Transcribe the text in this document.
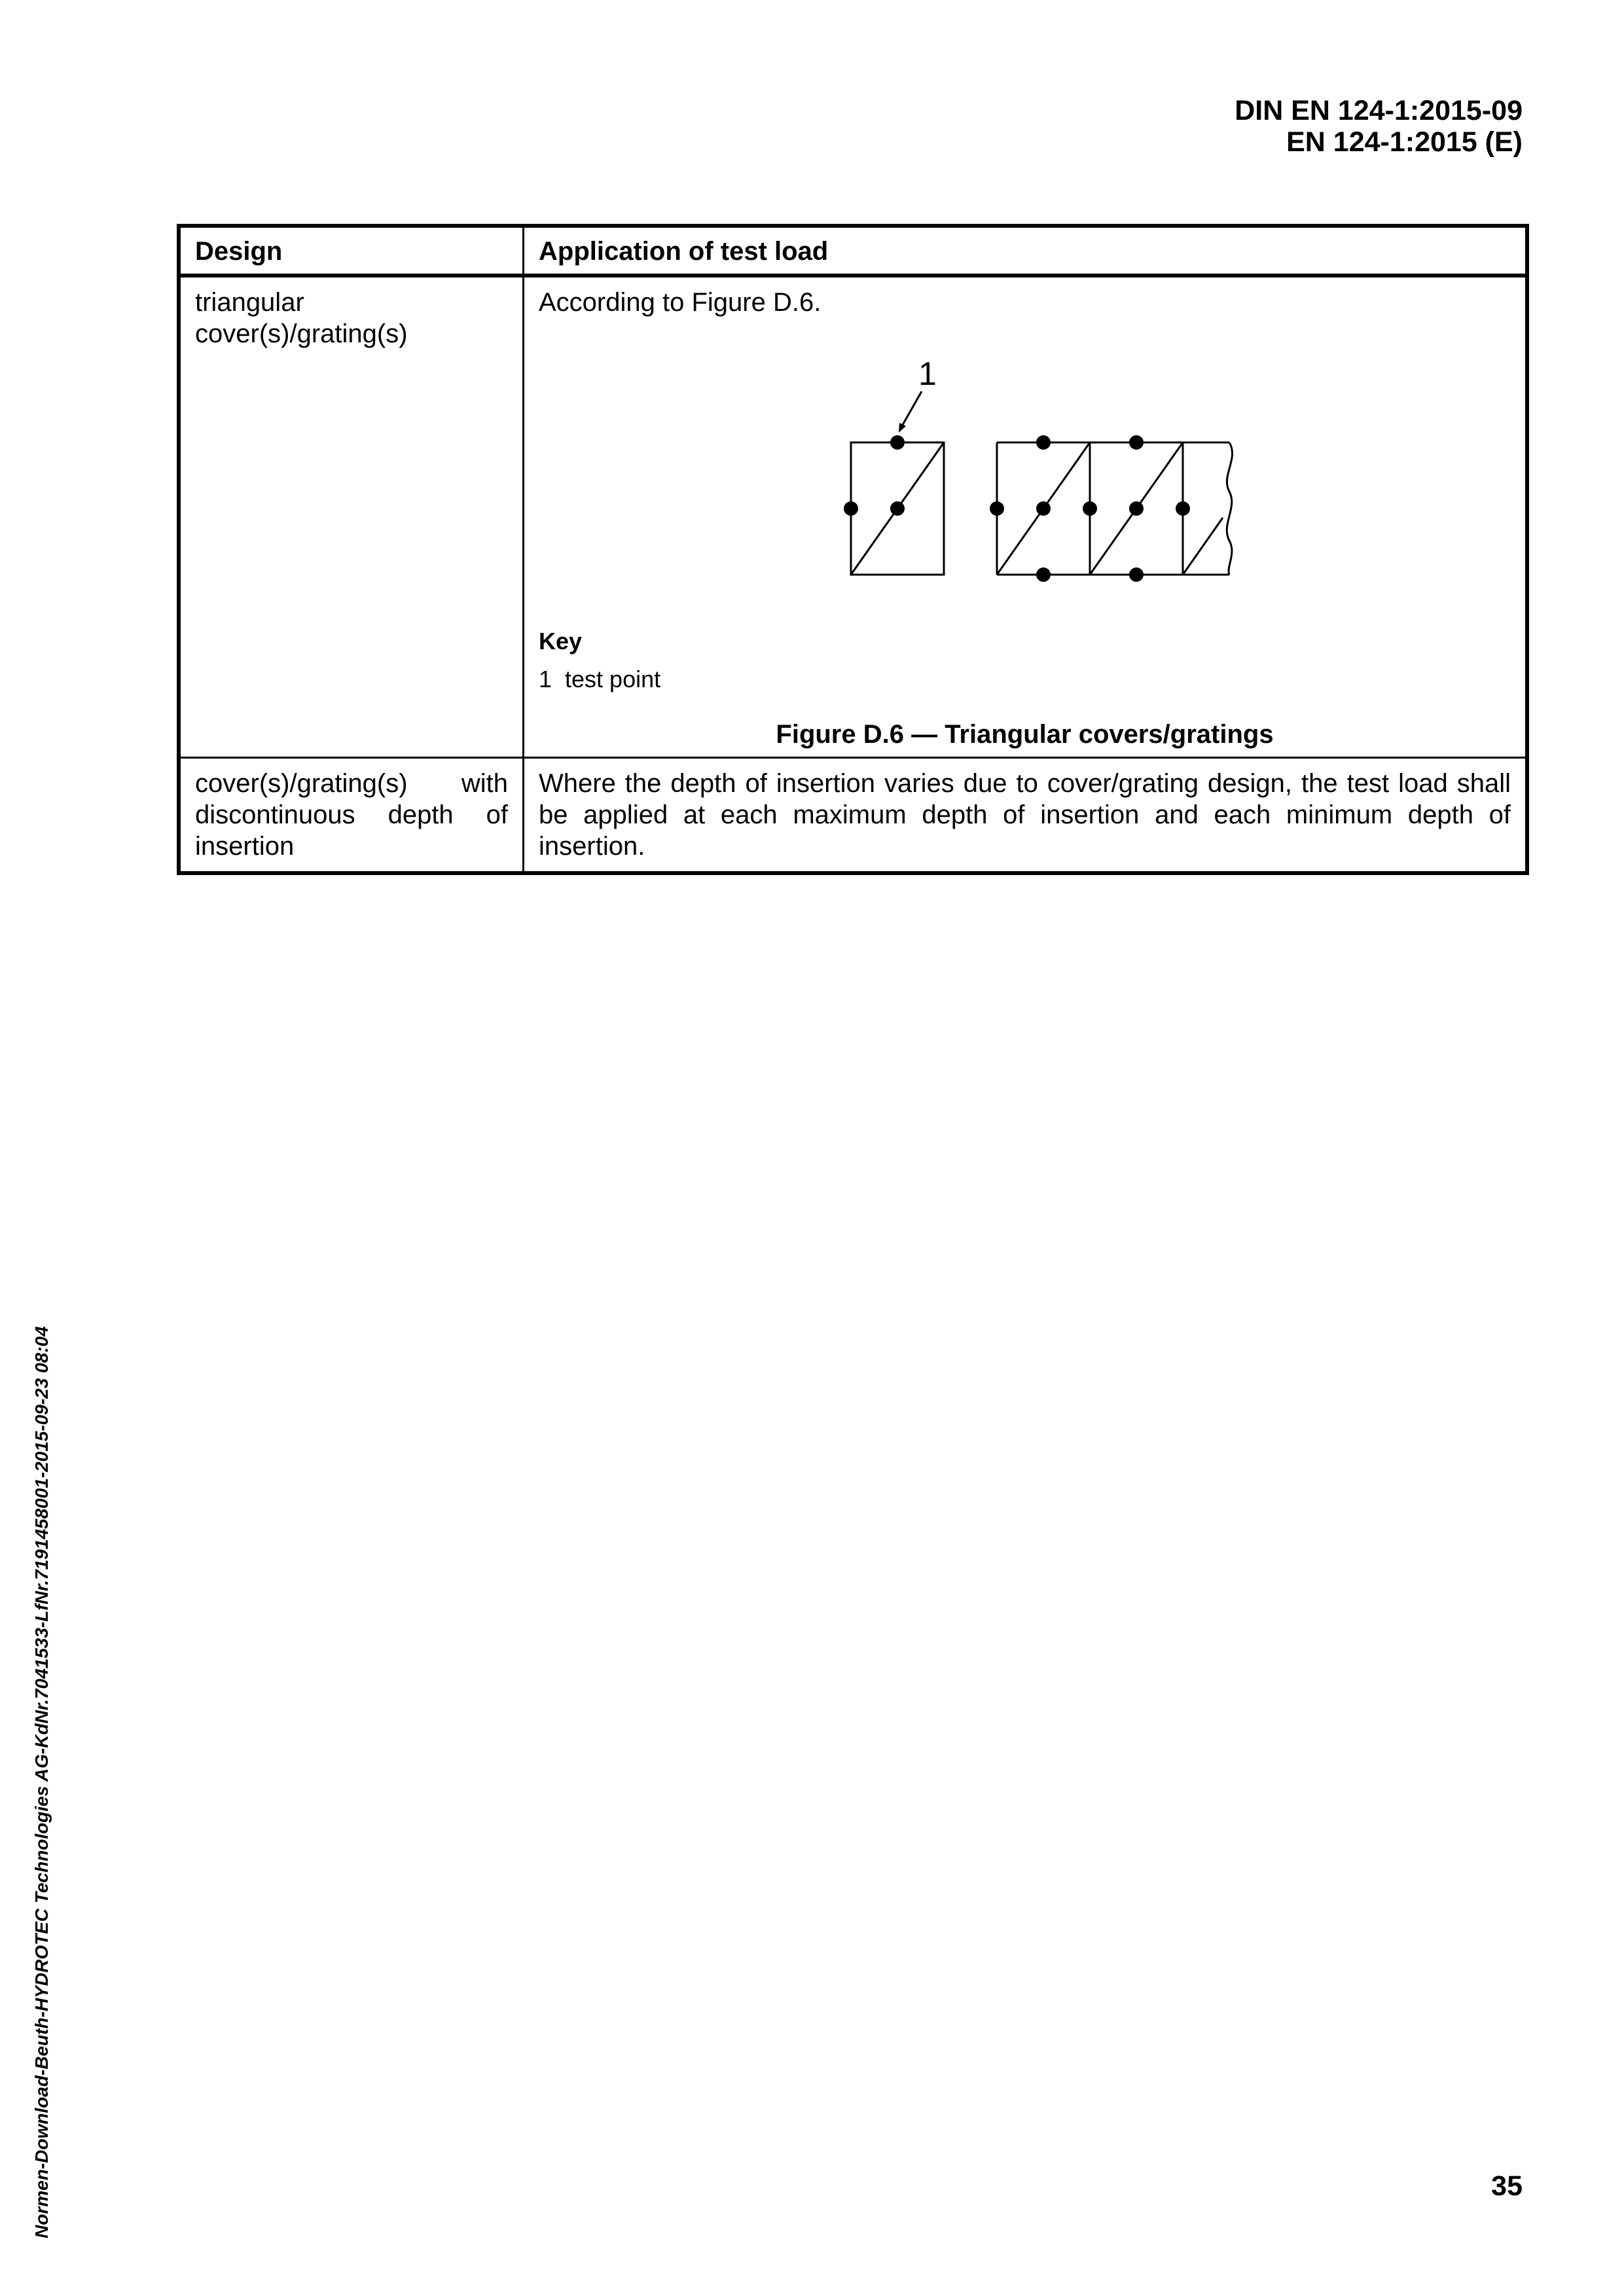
DIN EN 124-1:2015-09
EN 124-1:2015 (E)
Design	Application of test load

triangular cover(s)/grating(s)	According to Figure D.6.
1
Key
1  test point
Figure D.6 — Triangular covers/gratings

cover(s)/grating(s) with discontinuous depth of insertion	Where the depth of insertion varies due to cover/grating design, the test load shall be applied at each maximum depth of insertion and each minimum depth of insertion.
Normen-Download-Beuth-HYDROTEC Technologies AG-KdNr.7041533-LfNr.7191458001-2015-09-23 08:04	35
